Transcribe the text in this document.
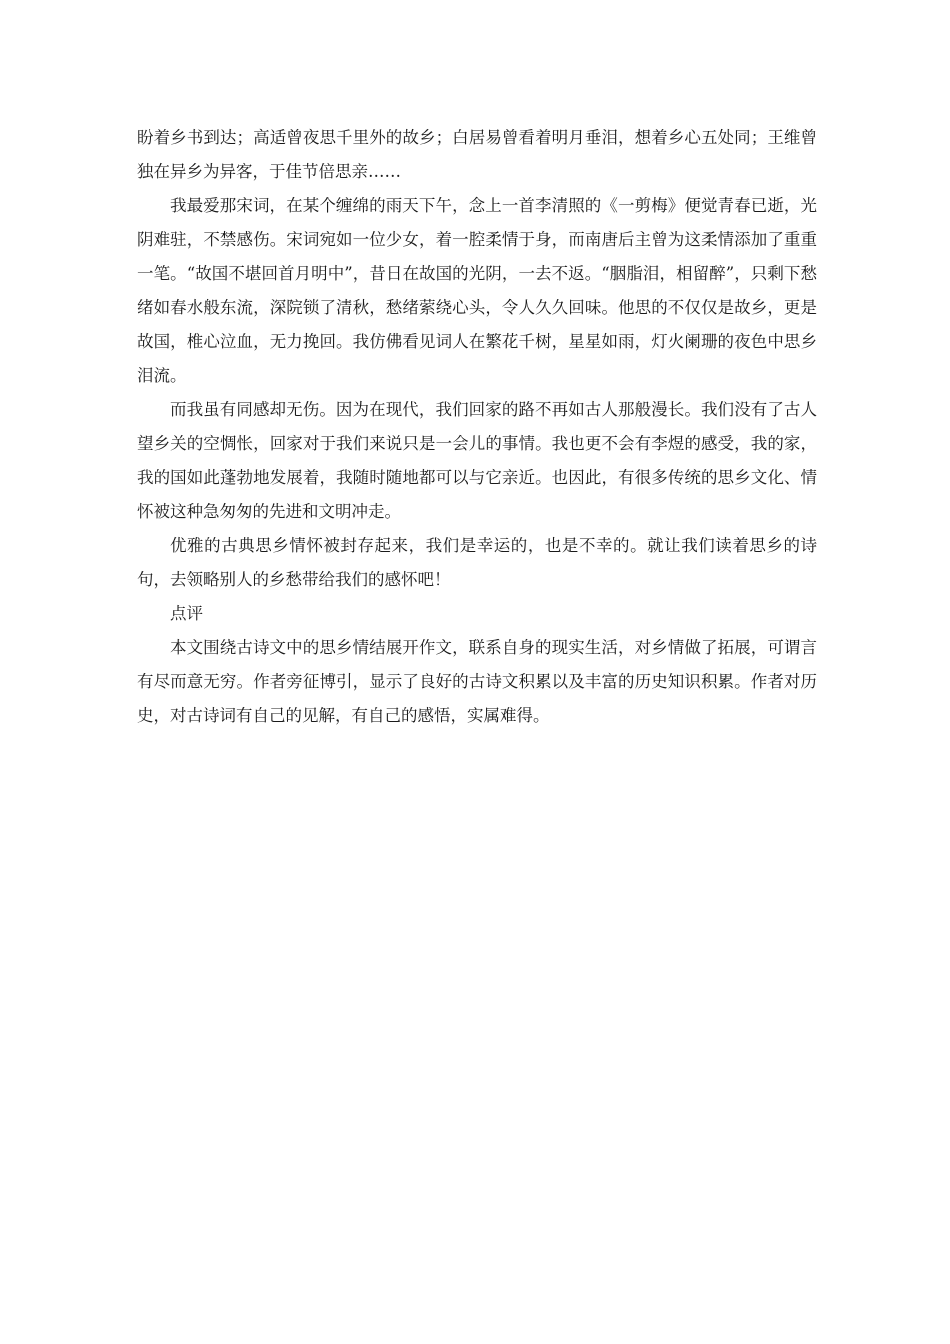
盼着乡书到达；高适曾夜思千里外的故乡；白居易曾看着明月垂泪，想着乡心五处同；王维曾独在异乡为异客，于佳节倍思亲……

我最爱那宋词，在某个缠绵的雨天下午，念上一首李清照的《一剪梅》便觉青春已逝，光阴难驻，不禁感伤。宋词宛如一位少女，着一腔柔情于身，而南唐后主曾为这柔情添加了重重一笔。“故国不堪回首月明中”，昔日在故国的光阴，一去不返。“胭脂泪，相留醉”，只剩下愁绪如春水般东流，深院锁了清秋，愁绪萦绕心头，令人久久回味。他思的不仅仅是故乡，更是故国，椎心泣血，无力挽回。我仿佛看见词人在繁花千树，星星如雨，灯火阑珊的夜色中思乡泪流。

而我虽有同感却无伤。因为在现代，我们回家的路不再如古人那般漫长。我们没有了古人望乡关的空惆怅，回家对于我们来说只是一会儿的事情。我也更不会有李煜的感受，我的家，我的国如此蓬勃地发展着，我随时随地都可以与它亲近。也因此，有很多传统的思乡文化、情怀被这种急匆匆的先进和文明冲走。

优雅的古典思乡情怀被封存起来，我们是幸运的，也是不幸的。就让我们读着思乡的诗句，去领略别人的乡愁带给我们的感怀吧！

点评

本文围绕古诗文中的思乡情结展开作文，联系自身的现实生活，对乡情做了拓展，可谓言有尽而意无穷。作者旁征博引，显示了良好的古诗文积累以及丰富的历史知识积累。作者对历史，对古诗词有自己的见解，有自己的感悟，实属难得。
